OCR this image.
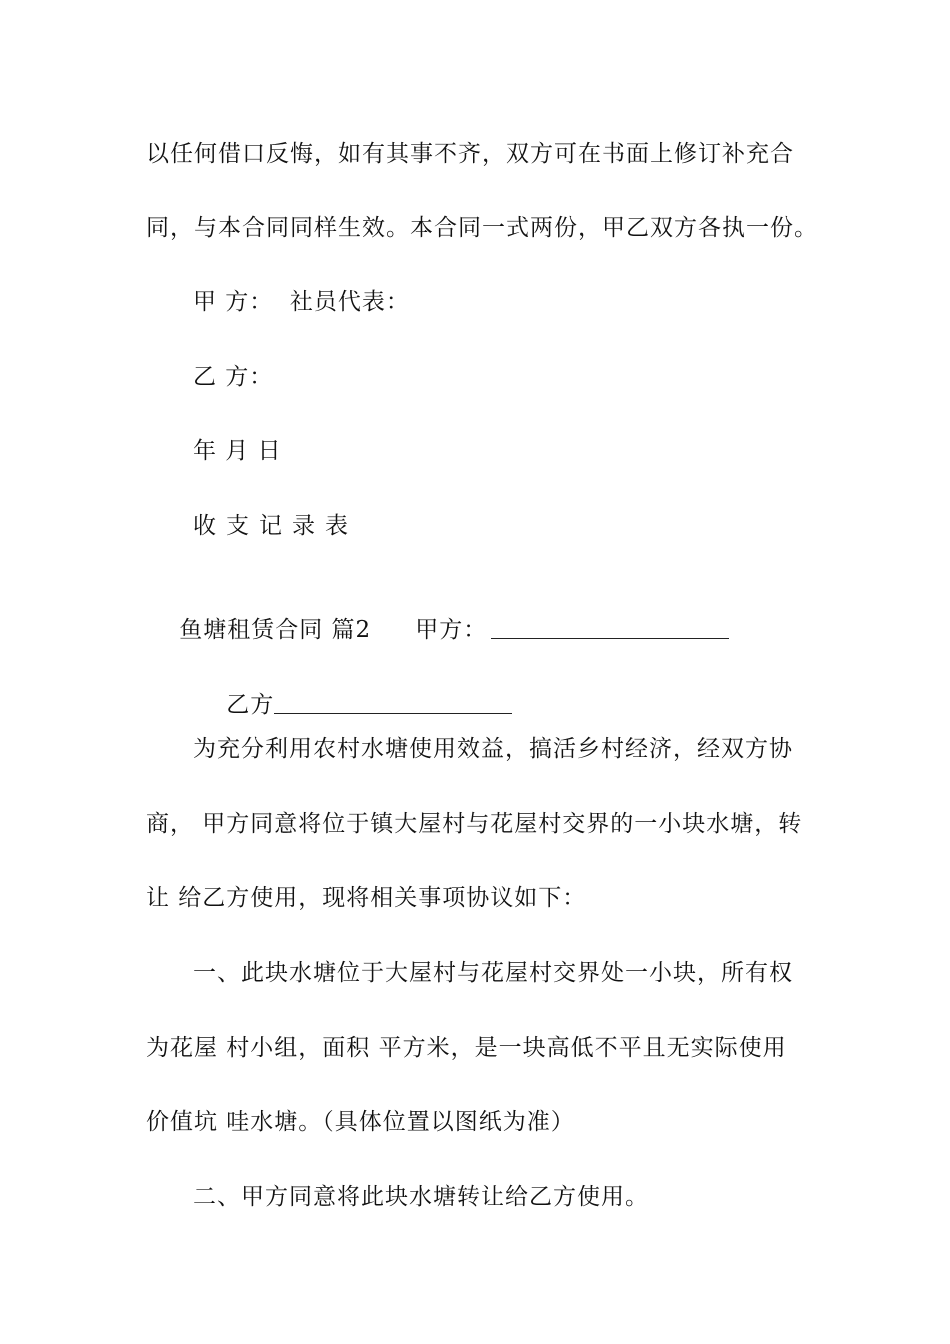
以任何借口反悔，如有其事不齐，双方可在书面上修订补充合
同，与本合同同样生效。本合同一式两份，甲乙双方各执一份。
甲 方：  社员代表：
乙 方：
年 月 日
收支记录表

鱼塘租赁合同 篇2 甲方：

乙方

为充分利用农村水塘使用效益，搞活乡村经济，经双方协
商， 甲方同意将位于镇大屋村与花屋村交界的一小块水塘，转
让 给乙方使用，现将相关事项协议如下：
一、此块水塘位于大屋村与花屋村交界处一小块，所有权
为花屋 村小组，面积 平方米，是一块高低不平且无实际使用
价值坑 哇水塘。（具体位置以图纸为准）
二、甲方同意将此块水塘转让给乙方使用。
